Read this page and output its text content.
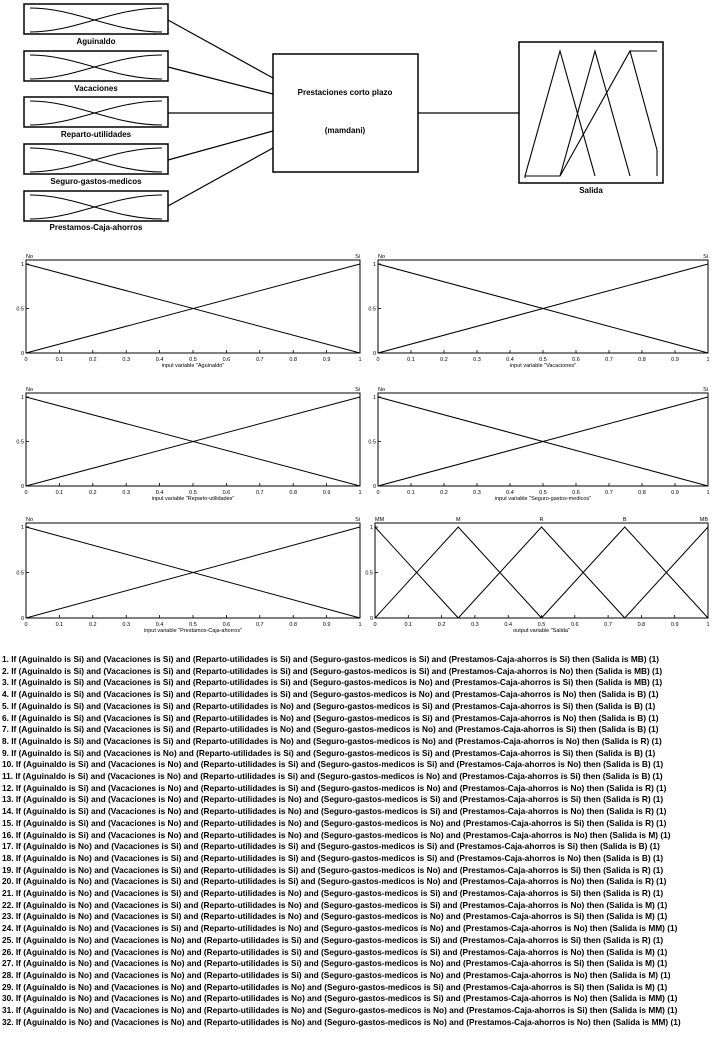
Aguinaldo
Vacaciones
Reparto-utilidades
Seguro-gastos-medicos
Prestamos-Caja-ahorros
Prestaciones corto plazo
(mamdani)
Salida
0	0.1	0.2	0.3	0.4	0.5	0.6	0.7	0.8	0.9	1
0
0.5
1
input variable "Aguinaldo"
No	Si
0	0.1	0.2	0.3	0.4	0.5	0.6	0.7	0.8	0.9	1
0
0.5
1
input variable "Vacaciones"
No	Si
0	0.1	0.2	0.3	0.4	0.5	0.6	0.7	0.8	0.9	1
0
0.5
1
input variable "Reparto-utilidades"
No	Si
0	0.1	0.2	0.3	0.4	0.5	0.6	0.7	0.8	0.9	1
0
0.5
1
input variable "Seguro-gastos-medicos"
No	Si
0	0.1	0.2	0.3	0.4	0.5	0.6	0.7	0.8	0.9	1
0
0.5
1
input variable "Prestamos-Caja-ahorros"
No	Si
0	0.1	0.2	0.3	0.4	0.5	0.6	0.7	0.8	0.9	1
0
0.5
1
output variable "Salida"
MM	M	R	B	MB
1. If (Aguinaldo is Si) and (Vacaciones is Si) and (Reparto-utilidades is Si) and (Seguro-gastos-medicos is Si) and (Prestamos-Caja-ahorros is Si) then (Salida is MB) (1)
2. If (Aguinaldo is Si) and (Vacaciones is Si) and (Reparto-utilidades is Si) and (Seguro-gastos-medicos is Si) and (Prestamos-Caja-ahorros is No) then (Salida is MB) (1)
3. If (Aguinaldo is Si) and (Vacaciones is Si) and (Reparto-utilidades is Si) and (Seguro-gastos-medicos is No) and (Prestamos-Caja-ahorros is Si) then (Salida is MB) (1)
4. If (Aguinaldo is Si) and (Vacaciones is Si) and (Reparto-utilidades is Si) and (Seguro-gastos-medicos is No) and (Prestamos-Caja-ahorros is No) then (Salida is B) (1)
5. If (Aguinaldo is Si) and (Vacaciones is Si) and (Reparto-utilidades is No) and (Seguro-gastos-medicos is Si) and (Prestamos-Caja-ahorros is Si) then (Salida is B) (1)
6. If (Aguinaldo is Si) and (Vacaciones is Si) and (Reparto-utilidades is No) and (Seguro-gastos-medicos is Si) and (Prestamos-Caja-ahorros is No) then (Salida is B) (1)
7. If (Aguinaldo is Si) and (Vacaciones is Si) and (Reparto-utilidades is No) and (Seguro-gastos-medicos is No) and (Prestamos-Caja-ahorros is Si) then (Salida is B) (1)
8. If (Aguinaldo is Si) and (Vacaciones is Si) and (Reparto-utilidades is No) and (Seguro-gastos-medicos is No) and (Prestamos-Caja-ahorros is No) then (Salida is R) (1)
9. If (Aguinaldo is Si) and (Vacaciones is No) and (Reparto-utilidades is Si) and (Seguro-gastos-medicos is Si) and (Prestamos-Caja-ahorros is Si) then (Salida is B) (1)
10. If (Aguinaldo is Si) and (Vacaciones is No) and (Reparto-utilidades is Si) and (Seguro-gastos-medicos is Si) and (Prestamos-Caja-ahorros is No) then (Salida is B) (1)
11. If (Aguinaldo is Si) and (Vacaciones is No) and (Reparto-utilidades is Si) and (Seguro-gastos-medicos is No) and (Prestamos-Caja-ahorros is Si) then (Salida is B) (1)
12. If (Aguinaldo is Si) and (Vacaciones is No) and (Reparto-utilidades is Si) and (Seguro-gastos-medicos is No) and (Prestamos-Caja-ahorros is No) then (Salida is R) (1)
13. If (Aguinaldo is Si) and (Vacaciones is No) and (Reparto-utilidades is No) and (Seguro-gastos-medicos is Si) and (Prestamos-Caja-ahorros is Si) then (Salida is R) (1)
14. If (Aguinaldo is Si) and (Vacaciones is No) and (Reparto-utilidades is No) and (Seguro-gastos-medicos is Si) and (Prestamos-Caja-ahorros is No) then (Salida is R) (1)
15. If (Aguinaldo is Si) and (Vacaciones is No) and (Reparto-utilidades is No) and (Seguro-gastos-medicos is No) and (Prestamos-Caja-ahorros is Si) then (Salida is R) (1)
16. If (Aguinaldo is Si) and (Vacaciones is No) and (Reparto-utilidades is No) and (Seguro-gastos-medicos is No) and (Prestamos-Caja-ahorros is No) then (Salida is M) (1)
17. If (Aguinaldo is No) and (Vacaciones is Si) and (Reparto-utilidades is Si) and (Seguro-gastos-medicos is Si) and (Prestamos-Caja-ahorros is Si) then (Salida is B) (1)
18. If (Aguinaldo is No) and (Vacaciones is Si) and (Reparto-utilidades is Si) and (Seguro-gastos-medicos is Si) and (Prestamos-Caja-ahorros is No) then (Salida is B) (1)
19. If (Aguinaldo is No) and (Vacaciones is Si) and (Reparto-utilidades is Si) and (Seguro-gastos-medicos is No) and (Prestamos-Caja-ahorros is Si) then (Salida is R) (1)
20. If (Aguinaldo is No) and (Vacaciones is Si) and (Reparto-utilidades is Si) and (Seguro-gastos-medicos is No) and (Prestamos-Caja-ahorros is No) then (Salida is R) (1)
21. If (Aguinaldo is No) and (Vacaciones is Si) and (Reparto-utilidades is No) and (Seguro-gastos-medicos is Si) and (Prestamos-Caja-ahorros is Si) then (Salida is R) (1)
22. If (Aguinaldo is No) and (Vacaciones is Si) and (Reparto-utilidades is No) and (Seguro-gastos-medicos is Si) and (Prestamos-Caja-ahorros is No) then (Salida is M) (1)
23. If (Aguinaldo is No) and (Vacaciones is Si) and (Reparto-utilidades is No) and (Seguro-gastos-medicos is No) and (Prestamos-Caja-ahorros is Si) then (Salida is M) (1)
24. If (Aguinaldo is No) and (Vacaciones is Si) and (Reparto-utilidades is No) and (Seguro-gastos-medicos is No) and (Prestamos-Caja-ahorros is No) then (Salida is MM) (1)
25. If (Aguinaldo is No) and (Vacaciones is No) and (Reparto-utilidades is Si) and (Seguro-gastos-medicos is Si) and (Prestamos-Caja-ahorros is Si) then (Salida is R) (1)
26. If (Aguinaldo is No) and (Vacaciones is No) and (Reparto-utilidades is Si) and (Seguro-gastos-medicos is Si) and (Prestamos-Caja-ahorros is No) then (Salida is M) (1)
27. If (Aguinaldo is No) and (Vacaciones is No) and (Reparto-utilidades is Si) and (Seguro-gastos-medicos is No) and (Prestamos-Caja-ahorros is Si) then (Salida is M) (1)
28. If (Aguinaldo is No) and (Vacaciones is No) and (Reparto-utilidades is Si) and (Seguro-gastos-medicos is No) and (Prestamos-Caja-ahorros is No) then (Salida is M) (1)
29. If (Aguinaldo is No) and (Vacaciones is No) and (Reparto-utilidades is No) and (Seguro-gastos-medicos is Si) and (Prestamos-Caja-ahorros is Si) then (Salida is M) (1)
30. If (Aguinaldo is No) and (Vacaciones is No) and (Reparto-utilidades is No) and (Seguro-gastos-medicos is Si) and (Prestamos-Caja-ahorros is No) then (Salida is MM) (1)
31. If (Aguinaldo is No) and (Vacaciones is No) and (Reparto-utilidades is No) and (Seguro-gastos-medicos is No) and (Prestamos-Caja-ahorros is Si) then (Salida is MM) (1)
32. If (Aguinaldo is No) and (Vacaciones is No) and (Reparto-utilidades is No) and (Seguro-gastos-medicos is No) and (Prestamos-Caja-ahorros is No) then (Salida is MM) (1)
